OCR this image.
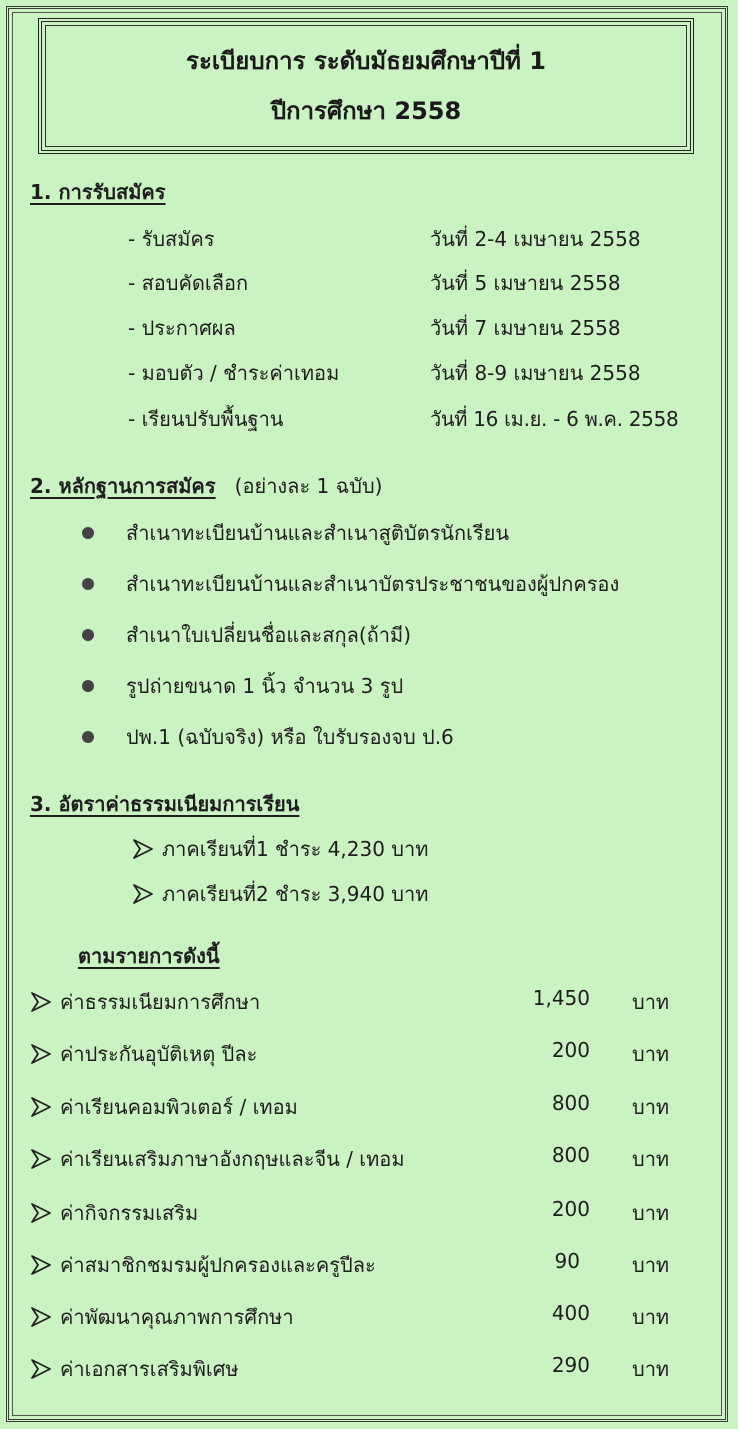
ระเบียบการ ระดับมัธยมศึกษาปีที่ 1
ปีการศึกษา 2558
1. การรับสมัคร
- รับสมัคร	วันที่ 2-4 เมษายน 2558
- สอบคัดเลือก	วันที่ 5 เมษายน 2558
- ประกาศผล	วันที่ 7 เมษายน 2558
- มอบตัว / ชำระค่าเทอม	วันที่ 8-9 เมษายน 2558
- เรียนปรับพื้นฐาน	วันที่ 16 เม.ย. - 6 พ.ค. 2558
2. หลักฐานการสมัคร (อย่างละ 1 ฉบับ)
สำเนาทะเบียนบ้านและสำเนาสูติบัตรนักเรียน
สำเนาทะเบียนบ้านและสำเนาบัตรประชาชนของผู้ปกครอง
สำเนาใบเปลี่ยนชื่อและสกุล(ถ้ามี)
รูปถ่ายขนาด 1 นิ้ว จำนวน 3 รูป
ปพ.1 (ฉบับจริง) หรือ ใบรับรองจบ ป.6
3. อัตราค่าธรรมเนียมการเรียน
ภาคเรียนที่1 ชำระ 4,230 บาท
ภาคเรียนที่2 ชำระ 3,940 บาท
ตามรายการดังนี้
ค่าธรรมเนียมการศึกษา	1,450 บาท
ค่าประกันอุบัติเหตุ ปีละ	200 บาท
ค่าเรียนคอมพิวเตอร์ / เทอม	800 บาท
ค่าเรียนเสริมภาษาอังกฤษและจีน / เทอม	800 บาท
ค่ากิจกรรมเสริม	200 บาท
ค่าสมาชิกชมรมผู้ปกครองและครูปีละ	90	บาท
ค่าพัฒนาคุณภาพการศึกษา	400 บาท
ค่าเอกสารเสริมพิเศษ	290 บาท
